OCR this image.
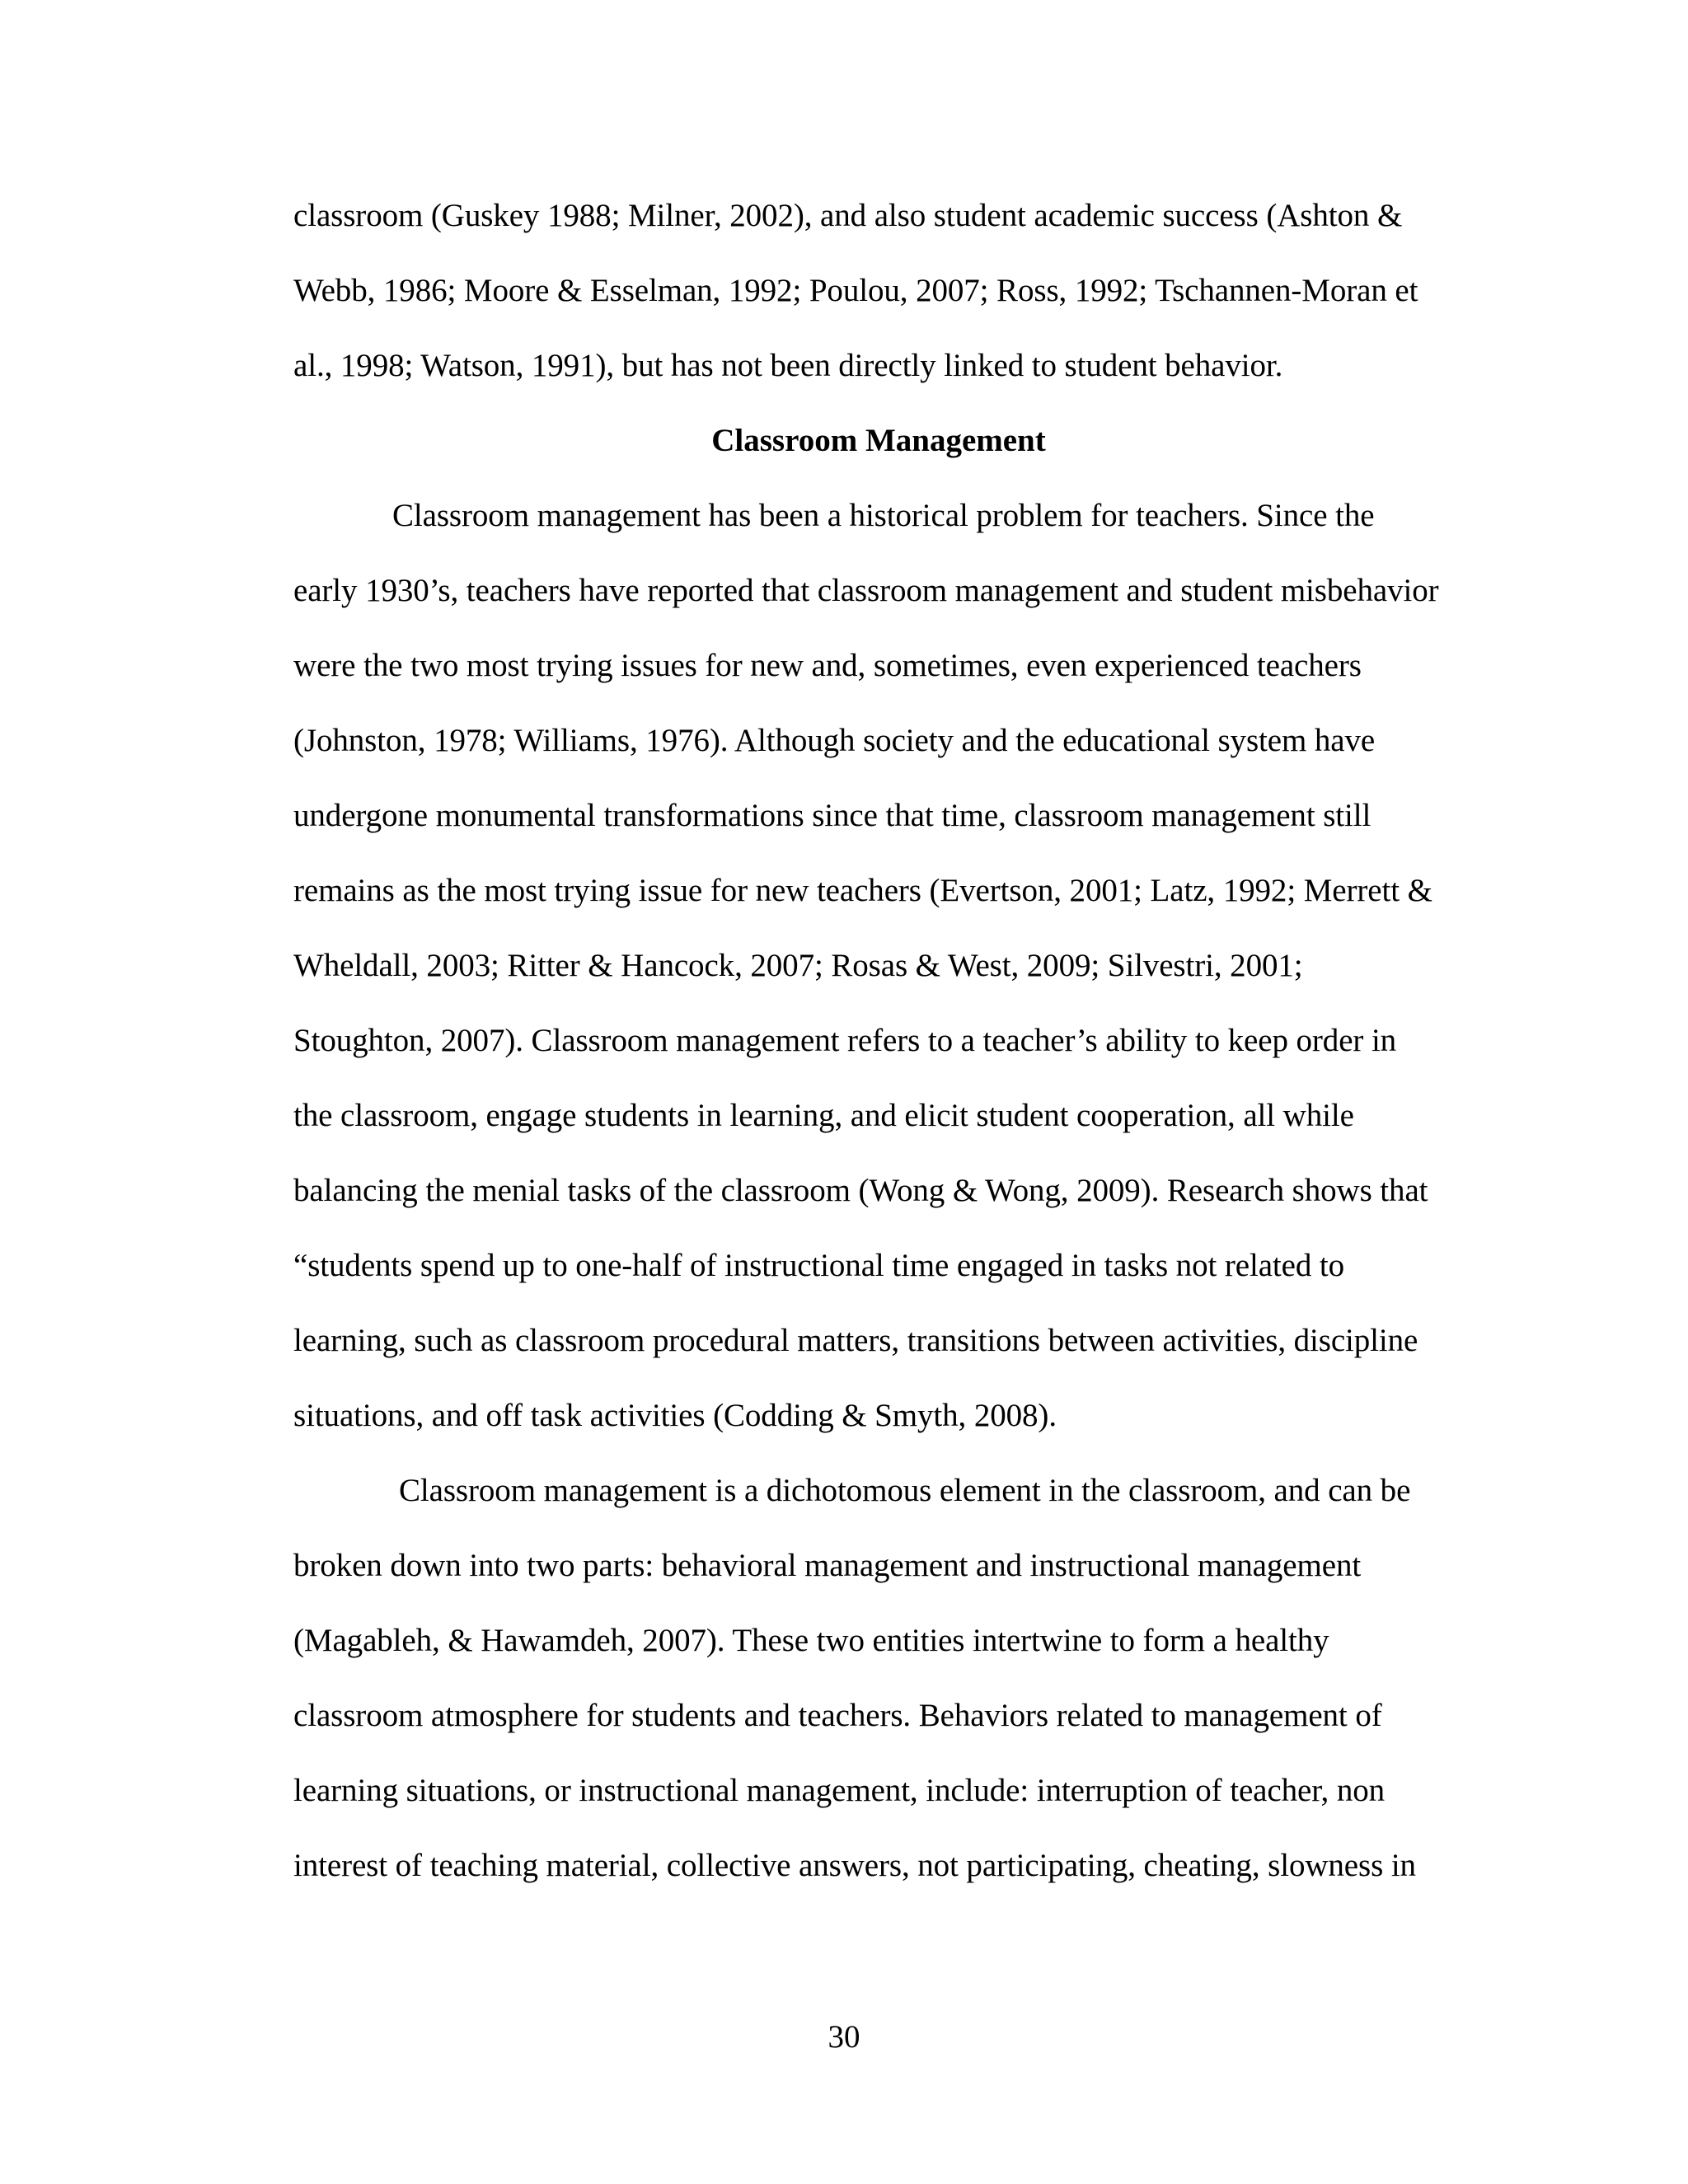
classroom (Guskey 1988; Milner, 2002), and also student academic success (Ashton &
Webb, 1986; Moore & Esselman, 1992; Poulou, 2007; Ross, 1992; Tschannen-Moran et
al., 1998; Watson, 1991), but has not been directly linked to student behavior.
Classroom Management
Classroom management has been a historical problem for teachers. Since the
early 1930’s, teachers have reported that classroom management and student misbehavior
were the two most trying issues for new and, sometimes, even experienced teachers
(Johnston, 1978; Williams, 1976). Although society and the educational system have
undergone monumental transformations since that time, classroom management still
remains as the most trying issue for new teachers (Evertson, 2001; Latz, 1992; Merrett &
Wheldall, 2003; Ritter & Hancock, 2007; Rosas & West, 2009; Silvestri, 2001;
Stoughton, 2007). Classroom management refers to a teacher’s ability to keep order in
the classroom, engage students in learning, and elicit student cooperation, all while
balancing the menial tasks of the classroom (Wong & Wong, 2009). Research shows that
“students spend up to one-half of instructional time engaged in tasks not related to
learning, such as classroom procedural matters, transitions between activities, discipline
situations, and off task activities (Codding & Smyth, 2008).
Classroom management is a dichotomous element in the classroom, and can be
broken down into two parts: behavioral management and instructional management
(Magableh, & Hawamdeh, 2007). These two entities intertwine to form a healthy
classroom atmosphere for students and teachers. Behaviors related to management of
learning situations, or instructional management, include: interruption of teacher, non
interest of teaching material, collective answers, not participating, cheating, slowness in
30
